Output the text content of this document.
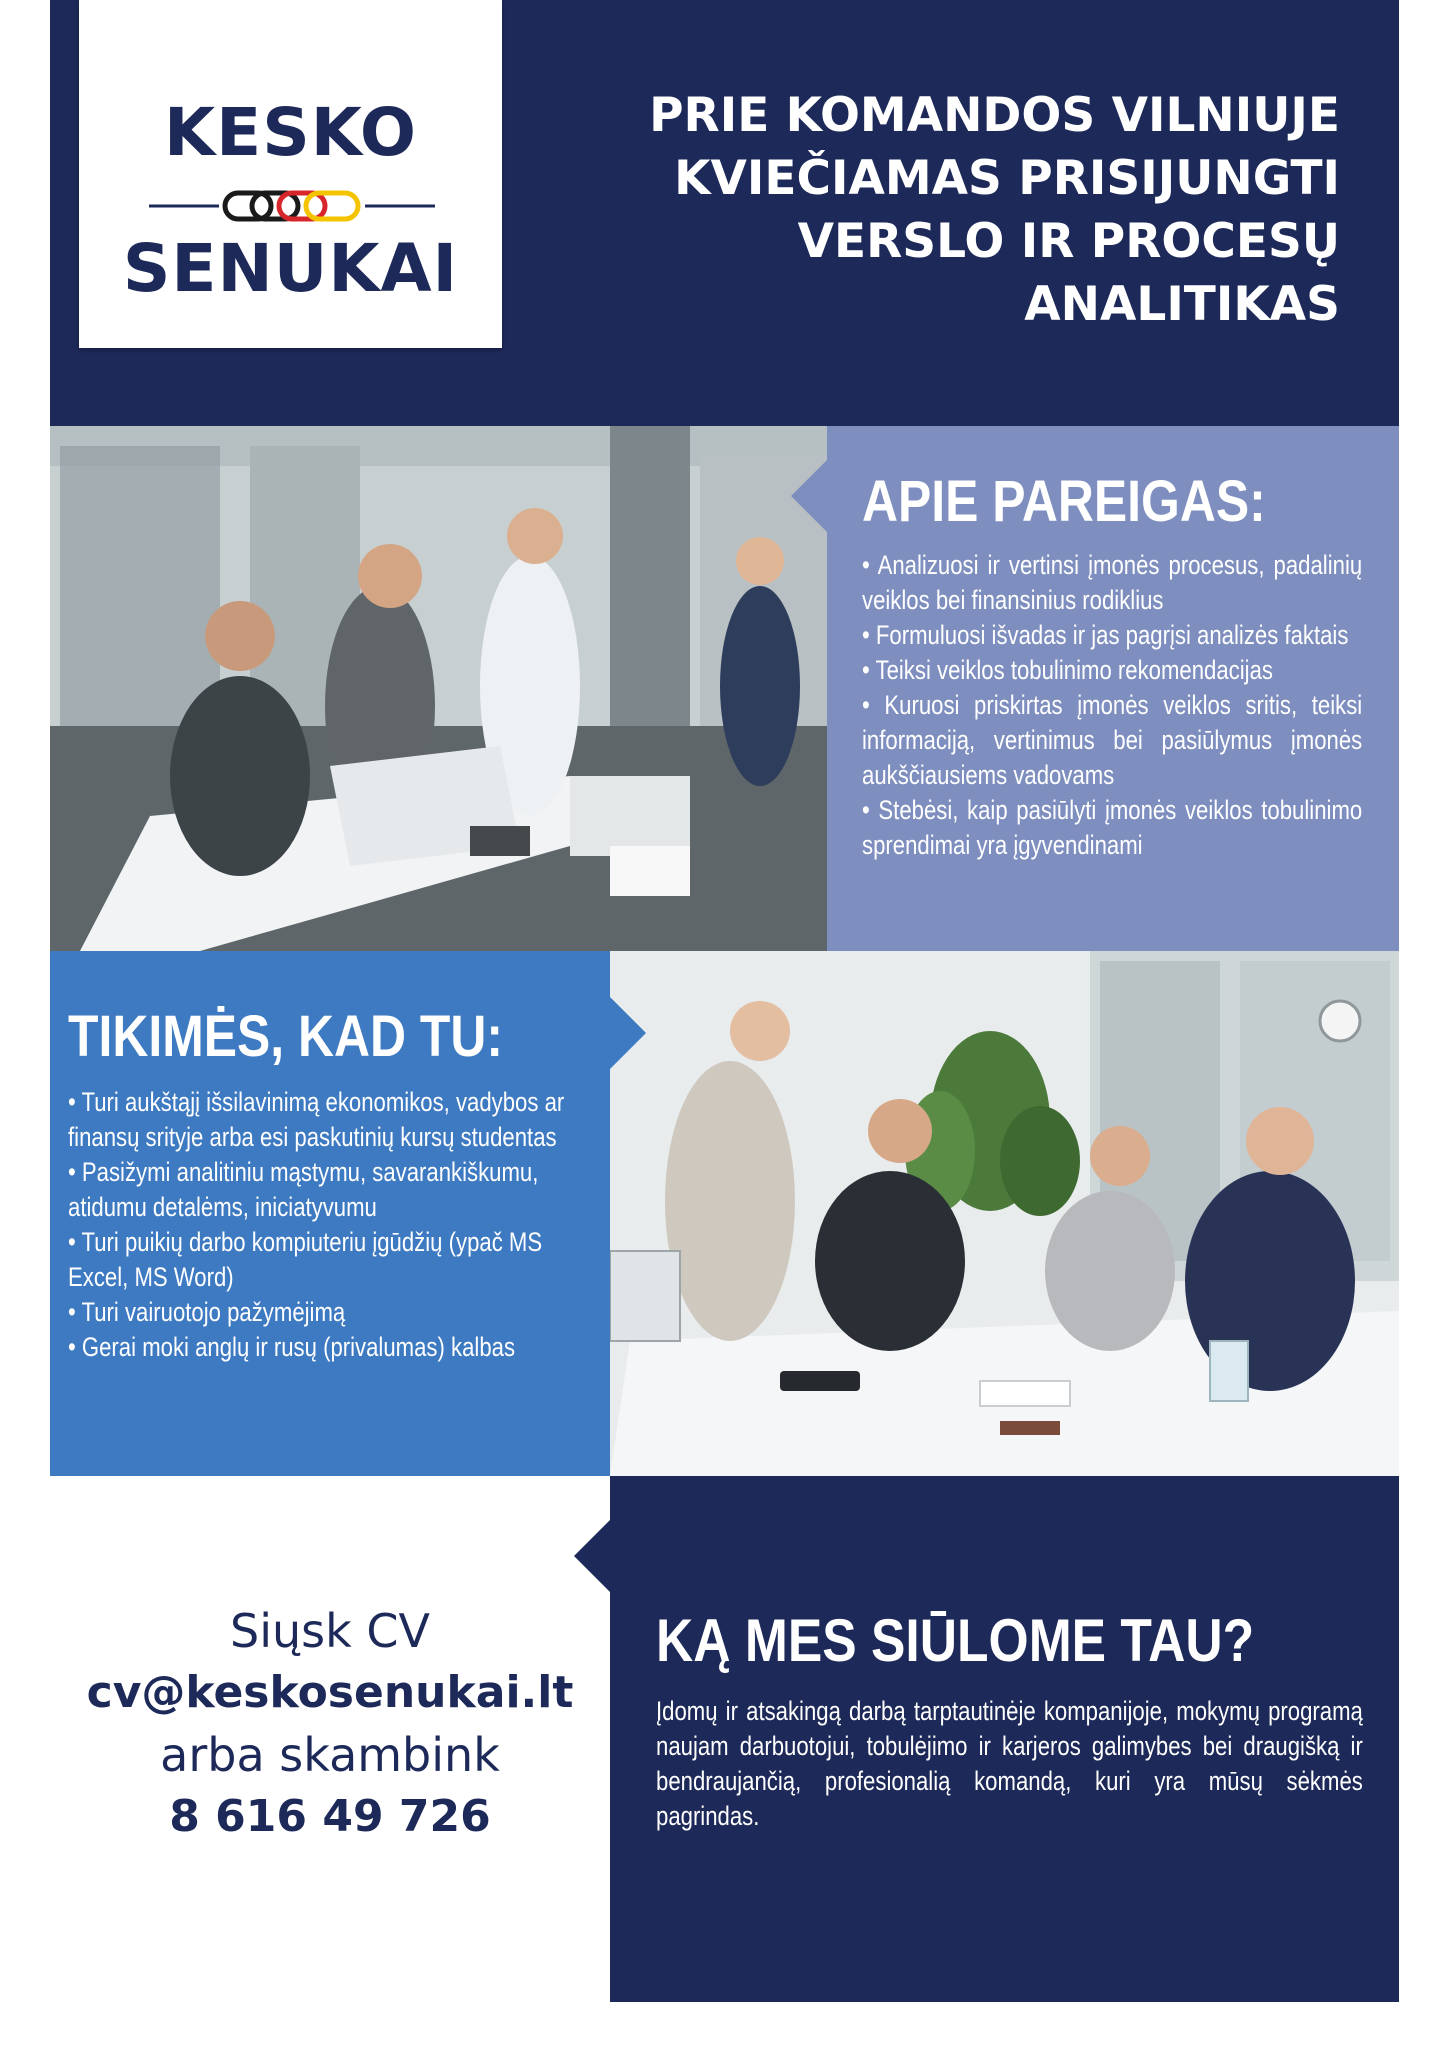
KESKO
SENUKAI
PRIE KOMANDOS VILNIUJE
KVIEČIAMAS PRISIJUNGTI
VERSLO IR PROCESŲ
ANALITIKAS
APIE PAREIGAS:
• Analizuosi ir vertinsi įmonės procesus, padalinių veiklos bei finansinius rodiklius
• Formuluosi išvadas ir jas pagrįsi analizės faktais
• Teiksi veiklos tobulinimo rekomendacijas
• Kuruosi priskirtas įmonės veiklos sritis, teiksi informaciją, vertinimus bei pasiūlymus įmonės aukščiausiems vadovams
• Stebėsi, kaip pasiūlyti įmonės veiklos tobulinimo sprendimai yra įgyvendinami
TIKIMĖS, KAD TU:
• Turi aukštąjį išsilavinimą ekonomikos, vadybos ar finansų srityje arba esi paskutinių kursų studentas
• Pasižymi analitiniu mąstymu, savarankiškumu, atidumu detalėms, iniciatyvumu
• Turi puikių darbo kompiuteriu įgūdžių (ypač MS Excel, MS Word)
• Turi vairuotojo pažymėjimą
• Gerai moki anglų ir rusų (privalumas) kalbas
Siųsk CV
cv@keskosenukai.lt
arba skambink
8 616 49 726
KĄ MES SIŪLOME TAU?
Įdomų ir atsakingą darbą tarptautinėje kompanijoje, mokymų programą naujam darbuotojui, tobulėjimo ir karjeros galimybes bei draugišką ir bendraujančią, profesionalią komandą, kuri yra mūsų sėkmės pagrindas.
